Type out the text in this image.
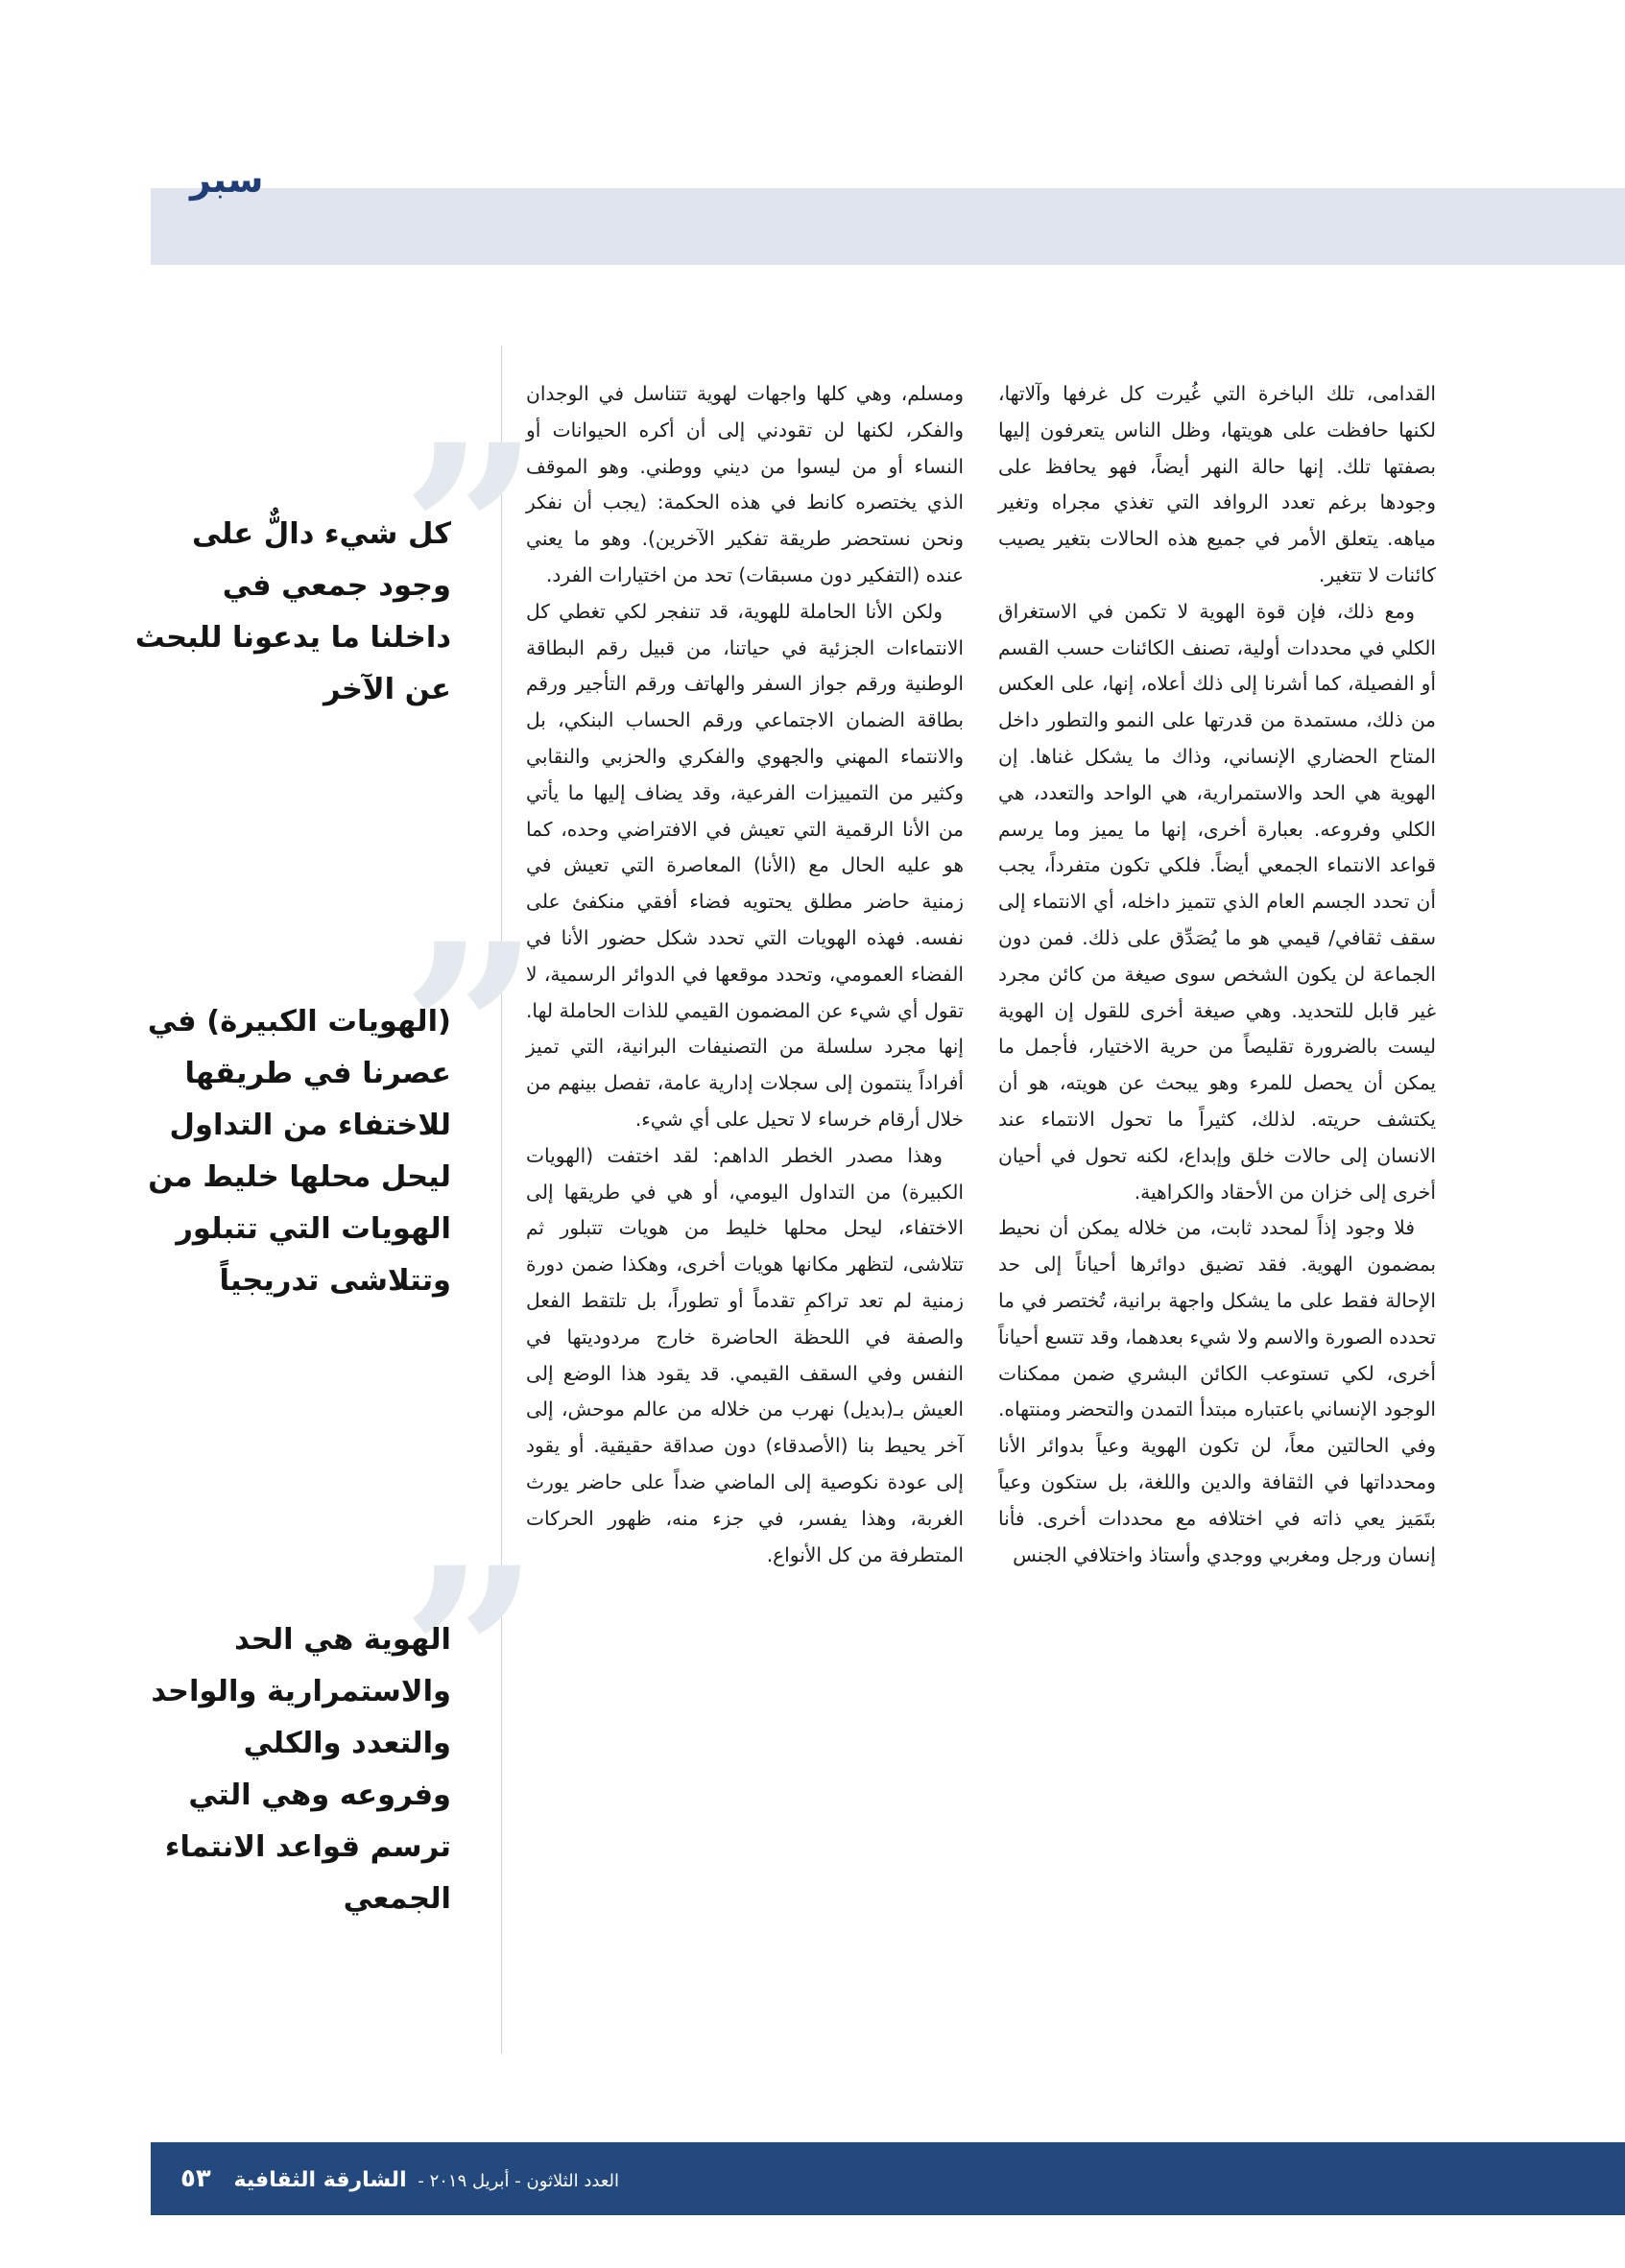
سبر

القدامى، تلك الباخرة التي غُيرت كل غرفها وآلاتها، لكنها حافظت على هويتها، وظل الناس يتعرفون إليها بصفتها تلك. إنها حالة النهر أيضاً، فهو يحافظ على وجودها برغم تعدد الروافد التي تغذي مجراه وتغير مياهه. يتعلق الأمر في جميع هذه الحالات بتغير يصيب كائنات لا تتغير.

ومع ذلك، فإن قوة الهوية لا تكمن في الاستغراق الكلي في محددات أولية، تصنف الكائنات حسب القسم أو الفصيلة، كما أشرنا إلى ذلك أعلاه، إنها، على العكس من ذلك، مستمدة من قدرتها على النمو والتطور داخل المتاح الحضاري الإنساني، وذاك ما يشكل غناها. إن الهوية هي الحد والاستمرارية، هي الواحد والتعدد، هي الكلي وفروعه. بعبارة أخرى، إنها ما يميز وما يرسم قواعد الانتماء الجمعي أيضاً. فلكي تكون متفرداً، يجب أن تحدد الجسم العام الذي تتميز داخله، أي الانتماء إلى سقف ثقافي/ قيمي هو ما يُصَدِّق على ذلك. فمن دون الجماعة لن يكون الشخص سوى صيغة من كائن مجرد غير قابل للتحديد. وهي صيغة أخرى للقول إن الهوية ليست بالضرورة تقليصاً من حرية الاختيار، فأجمل ما يمكن أن يحصل للمرء وهو يبحث عن هويته، هو أن يكتشف حريته. لذلك، كثيراً ما تحول الانتماء عند الانسان إلى حالات خلق وإبداع، لكنه تحول في أحيان أخرى إلى خزان من الأحقاد والكراهية.

فلا وجود إذاً لمحدد ثابت، من خلاله يمكن أن نحيط بمضمون الهوية. فقد تضيق دوائرها أحياناً إلى حد الإحالة فقط على ما يشكل واجهة برانية، تُختصر في ما تحدده الصورة والاسم ولا شيء بعدهما، وقد تتسع أحياناً أخرى، لكي تستوعب الكائن البشري ضمن ممكنات الوجود الإنساني باعتباره مبتدأ التمدن والتحضر ومنتهاه. وفي الحالتين معاً، لن تكون الهوية وعياً بدوائر الأنا ومحدداتها في الثقافة والدين واللغة، بل ستكون وعياً بتَمَيز يعي ذاته في اختلافه مع محددات أخرى. فأنا إنسان ورجل ومغربي ووجدي وأستاذ واختلافي الجنس

ومسلم، وهي كلها واجهات لهوية تتناسل في الوجدان والفكر، لكنها لن تقودني إلى أن أكره الحيوانات أو النساء أو من ليسوا من ديني ووطني. وهو الموقف الذي يختصره كانط في هذه الحكمة: (يجب أن نفكر ونحن نستحضر طريقة تفكير الآخرين). وهو ما يعني عنده (التفكير دون مسبقات) تحد من اختيارات الفرد.

ولكن الأنا الحاملة للهوية، قد تنفجر لكي تغطي كل الانتماءات الجزئية في حياتنا، من قبيل رقم البطاقة الوطنية ورقم جواز السفر والهاتف ورقم التأجير ورقم بطاقة الضمان الاجتماعي ورقم الحساب البنكي، بل والانتماء المهني والجهوي والفكري والحزبي والنقابي وكثير من التمييزات الفرعية، وقد يضاف إليها ما يأتي من الأنا الرقمية التي تعيش في الافتراضي وحده، كما هو عليه الحال مع (الأنا) المعاصرة التي تعيش في زمنية حاضر مطلق يحتويه فضاء أفقي منكفئ على نفسه. فهذه الهويات التي تحدد شكل حضور الأنا في الفضاء العمومي، وتحدد موقعها في الدوائر الرسمية، لا تقول أي شيء عن المضمون القيمي للذات الحاملة لها. إنها مجرد سلسلة من التصنيفات البرانية، التي تميز أفراداً ينتمون إلى سجلات إدارية عامة، تفصل بينهم من خلال أرقام خرساء لا تحيل على أي شيء.

وهذا مصدر الخطر الداهم: لقد اختفت (الهويات الكبيرة) من التداول اليومي، أو هي في طريقها إلى الاختفاء، ليحل محلها خليط من هويات تتبلور ثم تتلاشى، لتظهر مكانها هويات أخرى، وهكذا ضمن دورة زمنية لم تعد تراكمِ تقدماً أو تطوراً، بل تلتقط الفعل والصفة في اللحظة الحاضرة خارج مردوديتها في النفس وفي السقف القيمي. قد يقود هذا الوضع إلى العيش بـ(بديل) نهرب من خلاله من عالم موحش، إلى آخر يحيط بنا (الأصدقاء) دون صداقة حقيقية. أو يقود إلى عودة نكوصية إلى الماضي ضداً على حاضر يورث الغربة، وهذا يفسر، في جزء منه، ظهور الحركات المتطرفة من كل الأنواع.

”
كل شيء دالٌّ على وجود جمعي في داخلنا ما يدعونا للبحث عن الآخر
”
(الهويات الكبيرة) في عصرنا في طريقها للاختفاء من التداول ليحل محلها خليط من الهويات التي تتبلور وتتلاشى تدريجياً
”
الهوية هي الحد والاستمرارية والواحد والتعدد والكلي وفروعه وهي التي ترسم قواعد الانتماء الجمعي
العدد الثلاثون - أبريل ٢٠١٩ - الشارقة الثقافية ٥٣
